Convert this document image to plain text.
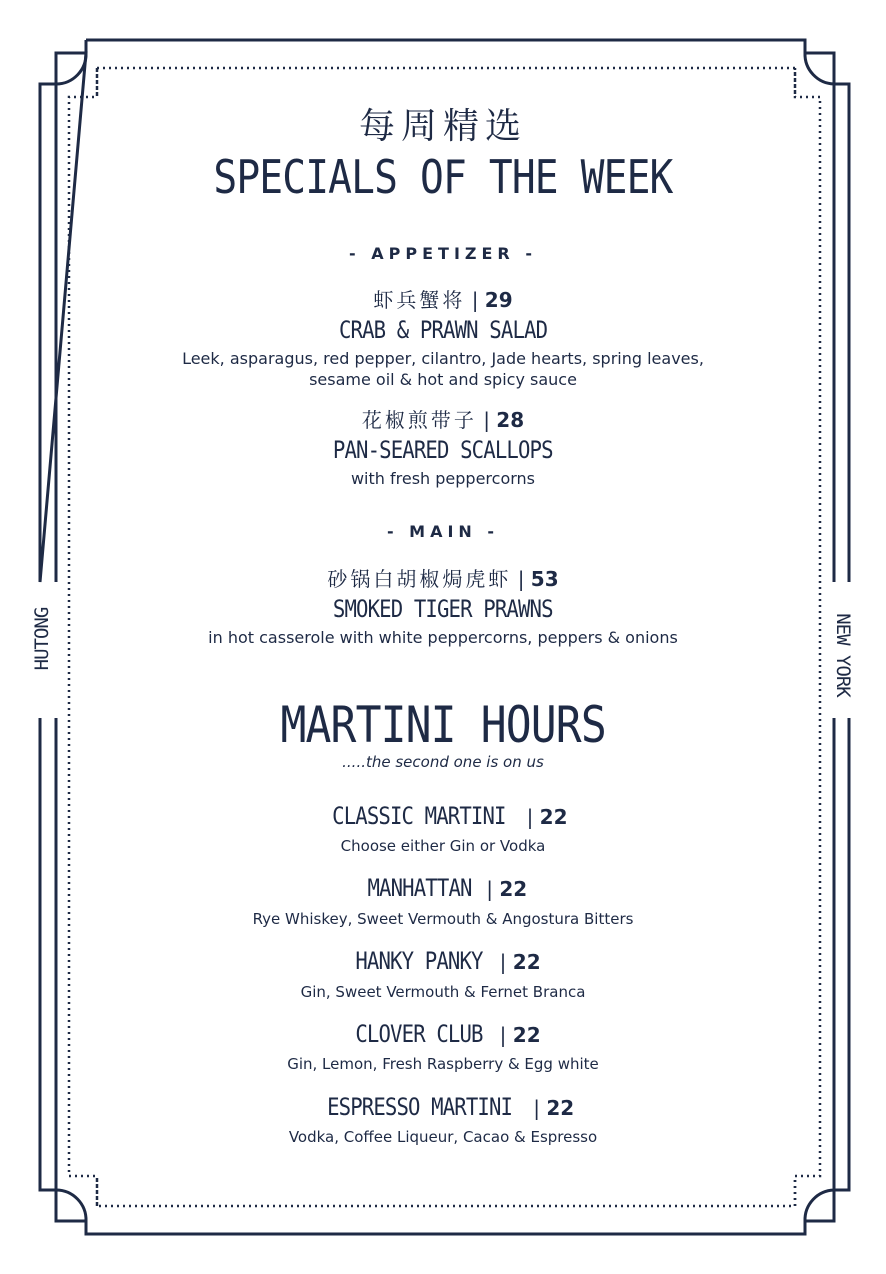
HUTONG	NEW YORK
每周精选
SPECIALS OF THE WEEK
- APPETIZER -
虾兵蟹将 | 29
CRAB & PRAWN SALAD
Leek, asparagus, red pepper, cilantro, Jade hearts, spring leaves,
sesame oil & hot and spicy sauce
花椒煎带子 | 28
PAN-SEARED SCALLOPS
with fresh peppercorns
- MAIN -
砂锅白胡椒焗虎虾 | 53
SMOKED TIGER PRAWNS
in hot casserole with white peppercorns, peppers & onions
MARTINI HOURS
.....the second one is on us
CLASSIC MARTINI | 22
Choose either Gin or Vodka
MANHATTAN | 22
Rye Whiskey, Sweet Vermouth & Angostura Bitters
HANKY PANKY | 22
Gin, Sweet Vermouth & Fernet Branca
CLOVER CLUB | 22
Gin, Lemon, Fresh Raspberry & Egg white
ESPRESSO MARTINI | 22
Vodka, Coffee Liqueur, Cacao & Espresso
